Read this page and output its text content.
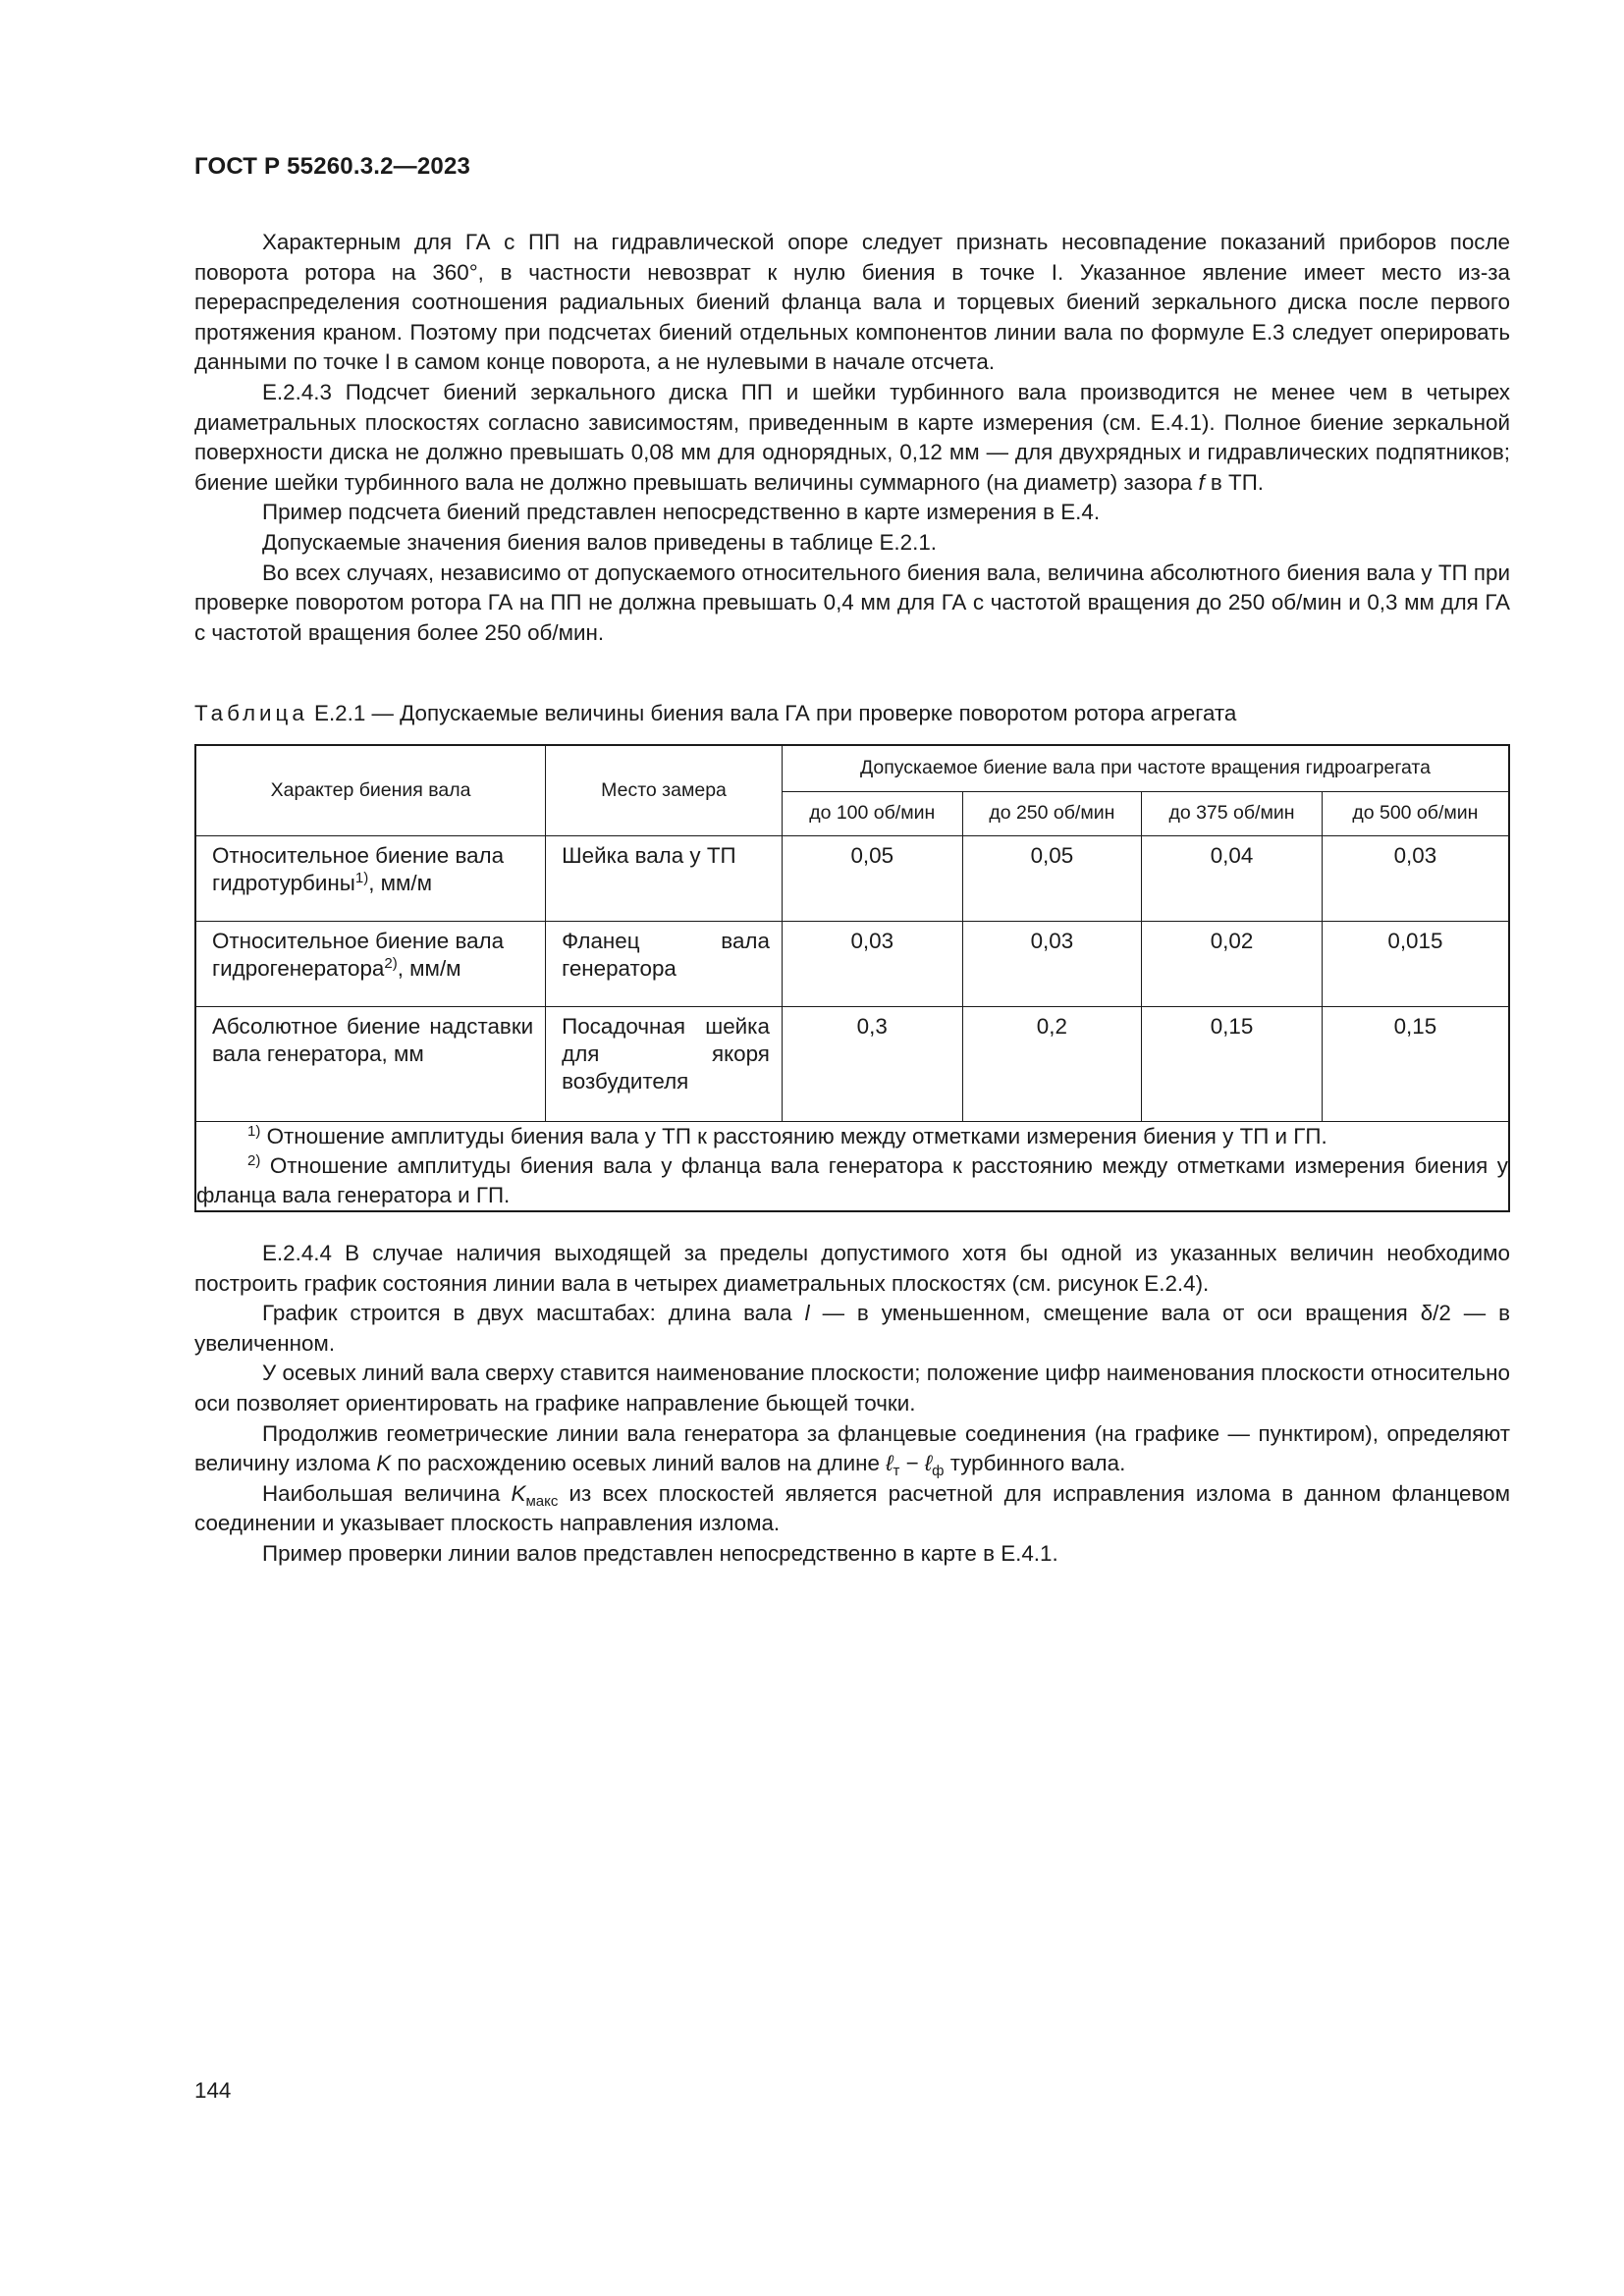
ГОСТ Р 55260.3.2—2023

Характерным для ГА с ПП на гидравлической опоре следует признать несовпадение показаний приборов после поворота ротора на 360°, в частности невозврат к нулю биения в точке I. Указанное явление имеет место из-за перераспределения соотношения радиальных биений фланца вала и торцевых биений зеркального диска после первого протяжения краном. Поэтому при подсчетах биений отдельных компонентов линии вала по формуле Е.3 следует оперировать данными по точке I в самом конце поворота, а не нулевыми в начале отсчета.

Е.2.4.3 Подсчет биений зеркального диска ПП и шейки турбинного вала производится не менее чем в четырех диаметральных плоскостях согласно зависимостям, приведенным в карте измерения (см. Е.4.1). Полное биение зеркальной поверхности диска не должно превышать 0,08 мм для однорядных, 0,12 мм — для двухрядных и гидравлических подпятников; биение шейки турбинного вала не должно превышать величины суммарного (на диаметр) зазора f в ТП.

Пример подсчета биений представлен непосредственно в карте измерения в Е.4.

Допускаемые значения биения валов приведены в таблице Е.2.1.

Во всех случаях, независимо от допускаемого относительного биения вала, величина абсолютного биения вала у ТП при проверке поворотом ротора ГА на ПП не должна превышать 0,4 мм для ГА с частотой вращения до 250 об/мин и 0,3 мм для ГА с частотой вращения более 250 об/мин.

Таблица Е.2.1 — Допускаемые величины биения вала ГА при проверке поворотом ротора агрегата
Характер биения вала	Место замера	Допускаемое биение вала при частоте вращения гидроагрегата			
		до 100 об/мин	до 250 об/мин	до 375 об/мин	до 500 об/мин

Относительное биение вала гидротурбины$^{1)}$, мм/м	Шейка вала у ТП	0,05	0,05	0,04	0,03

Относительное биение вала гидрогенератора$^{2)}$, мм/м	Фланец вала генератора	0,03	0,03	0,02	0,015

Абсолютное биение надставки вала генератора, мм	Посадочная шейка для якоря возбудителя	0,3	0,2	0,15	0,15

$^{1)}$ Отношение амплитуды биения вала у ТП к расстоянию между отметками измерения биения у ТП и ГП.

$^{2)}$ Отношение амплитуды биения вала у фланца вала генератора к расстоянию между отметками измерения биения у фланца вала генератора и ГП.					

Е.2.4.4 В случае наличия выходящей за пределы допустимого хотя бы одной из указанных величин необходимо построить график состояния линии вала в четырех диаметральных плоскостях (см. рисунок Е.2.4).

График строится в двух масштабах: длина вала l — в уменьшенном, смещение вала от оси вращения δ/2 — в увеличенном.

У осевых линий вала сверху ставится наименование плоскости; положение цифр наименования плоскости относительно оси позволяет ориентировать на графике направление бьющей точки.

Продолжив геометрические линии вала генератора за фланцевые соединения (на графике — пунктиром), определяют величину излома K по расхождению осевых линий валов на длине ℓ$_т$ − ℓ$_ф$ турбинного вала.

Наибольшая величина $K_{макс}$ из всех плоскостей является расчетной для исправления излома в данном фланцевом соединении и указывает плоскость направления излома.

Пример проверки линии валов представлен непосредственно в карте в Е.4.1.

144
